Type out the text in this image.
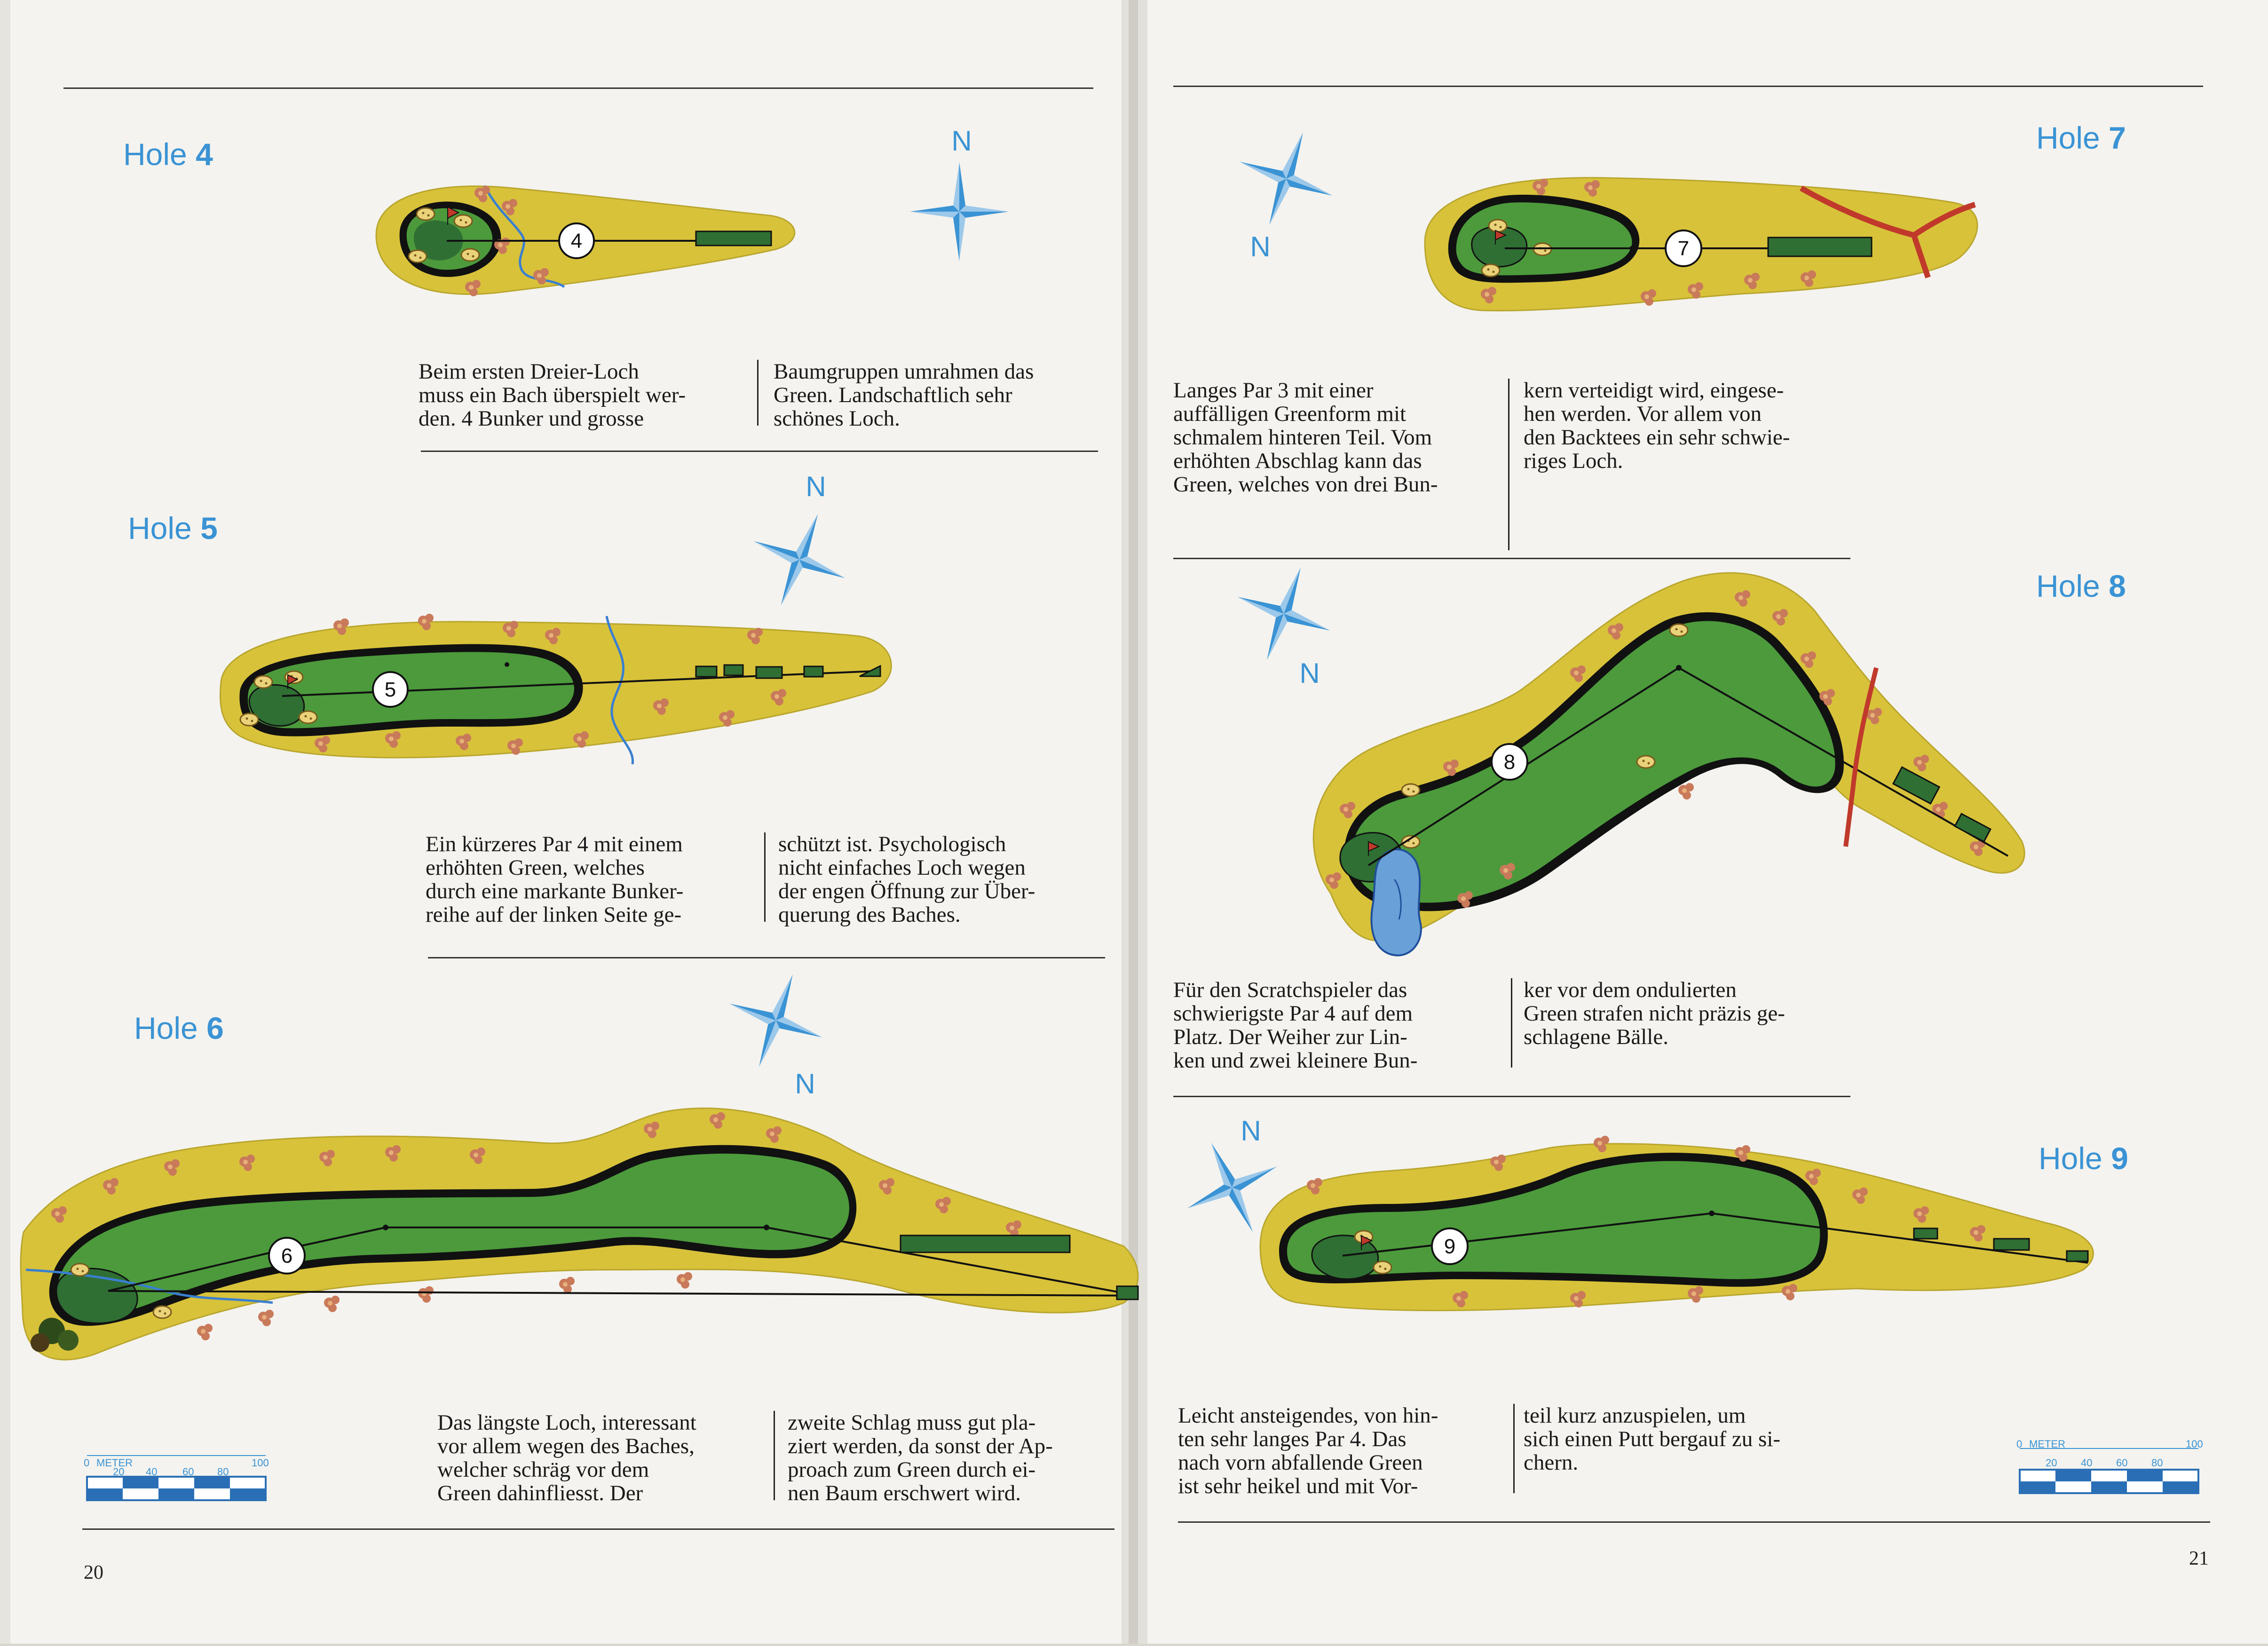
4
5
6
7
8
9
N
N
N
N
N
N
METER
0
20 40 60 80
100
METER
0
20 40 60 80
100
Hole 4
Hole 5
Hole 6
Hole 7
Hole 8
Hole 9
Beim ersten Dreier-Loch
muss ein Bach überspielt wer-
den. 4 Bunker und grosse
Baumgruppen umrahmen das
Green. Landschaftlich sehr
schönes Loch.
Ein kürzeres Par 4 mit einem
erhöhten Green, welches
durch eine markante Bunker-
reihe auf der linken Seite ge-
schützt ist. Psychologisch
nicht einfaches Loch wegen
der engen Öffnung zur Über-
querung des Baches.
Das längste Loch, interessant
vor allem wegen des Baches,
welcher schräg vor dem
Green dahinfliesst. Der
zweite Schlag muss gut pla-
ziert werden, da sonst der Ap-
proach zum Green durch ei-
nen Baum erschwert wird.
Langes Par 3 mit einer
auffälligen Greenform mit
schmalem hinteren Teil. Vom
erhöhten Abschlag kann das
Green, welches von drei Bun-
kern verteidigt wird, eingese-
hen werden. Vor allem von
den Backtees ein sehr schwie-
riges Loch.
Für den Scratchspieler das
schwierigste Par 4 auf dem
Platz. Der Weiher zur Lin-
ken und zwei kleinere Bun-
ker vor dem ondulierten
Green strafen nicht präzis ge-
schlagene Bälle.
Leicht ansteigendes, von hin-
ten sehr langes Par 4. Das
nach vorn abfallende Green
ist sehr heikel und mit Vor-
teil kurz anzuspielen, um
sich einen Putt bergauf zu si-
chern.
20
21
